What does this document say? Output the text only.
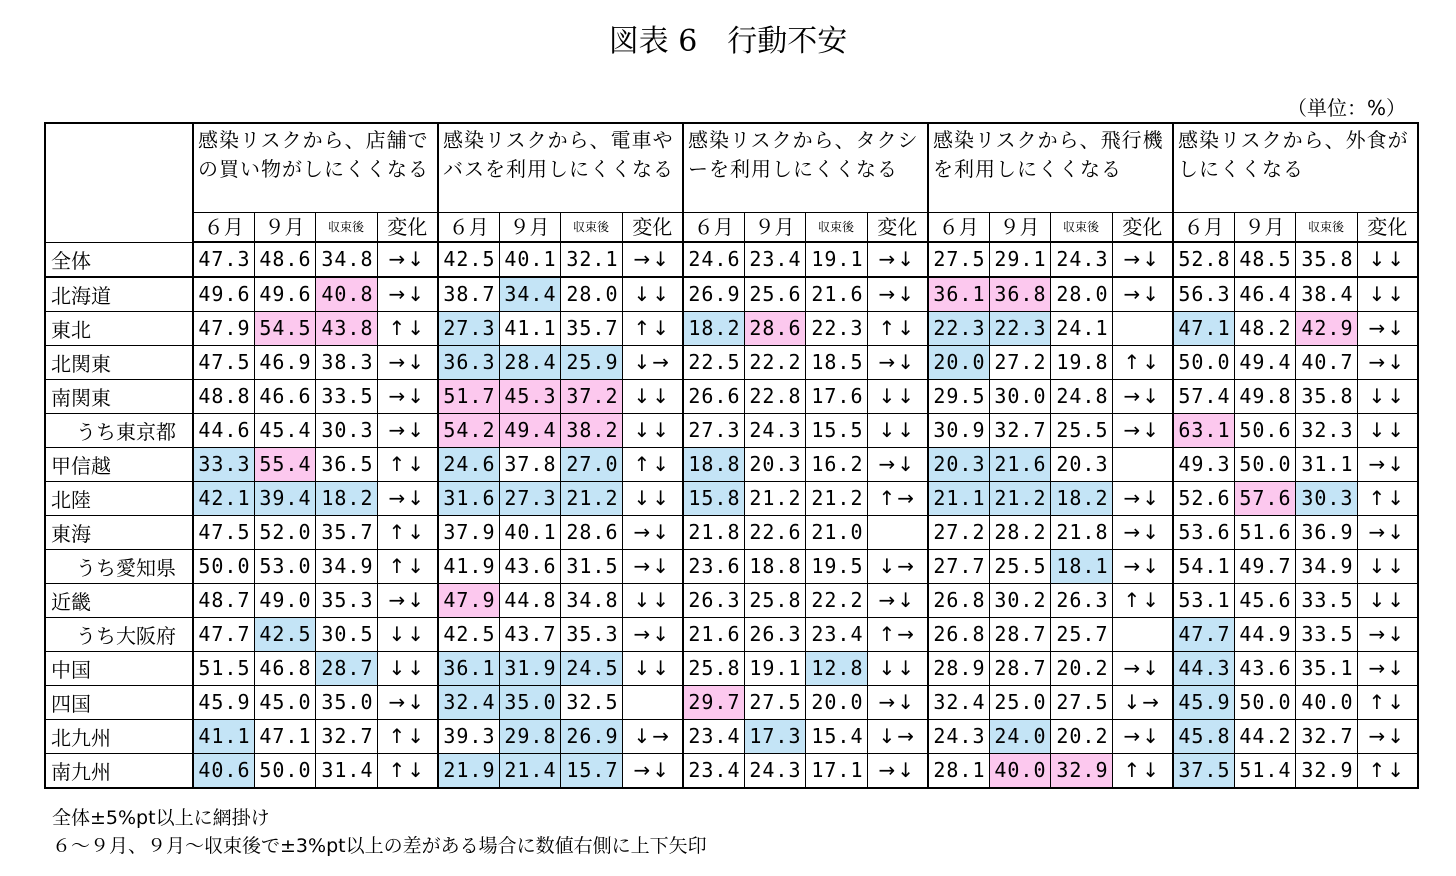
図表 6　行動不安
（単位：%）
	感染リスクから、店舗での買い物がしにくくなる				感染リスクから、電車やバスを利用しにくくなる				感染リスクから、タクシーを利用しにくくなる				感染リスクから、飛行機を利用しにくくなる				感染リスクから、外食がしにくくなる			
	６月	９月	収束後	変化	６月	９月	収束後	変化	６月	９月	収束後	変化	６月	９月	収束後	変化	６月	９月	収束後	変化
全体	47.3	48.6	34.8	→↓	42.5	40.1	32.1	→↓	24.6	23.4	19.1	→↓	27.5	29.1	24.3	→↓	52.8	48.5	35.8	↓↓
北海道	49.6	49.6	40.8	→↓	38.7	34.4	28.0	↓↓	26.9	25.6	21.6	→↓	36.1	36.8	28.0	→↓	56.3	46.4	38.4	↓↓
東北	47.9	54.5	43.8	↑↓	27.3	41.1	35.7	↑↓	18.2	28.6	22.3	↑↓	22.3	22.3	24.1		47.1	48.2	42.9	→↓
北関東	47.5	46.9	38.3	→↓	36.3	28.4	25.9	↓→	22.5	22.2	18.5	→↓	20.0	27.2	19.8	↑↓	50.0	49.4	40.7	→↓
南関東	48.8	46.6	33.5	→↓	51.7	45.3	37.2	↓↓	26.6	22.8	17.6	↓↓	29.5	30.0	24.8	→↓	57.4	49.8	35.8	↓↓
うち東京都	44.6	45.4	30.3	→↓	54.2	49.4	38.2	↓↓	27.3	24.3	15.5	↓↓	30.9	32.7	25.5	→↓	63.1	50.6	32.3	↓↓
甲信越	33.3	55.4	36.5	↑↓	24.6	37.8	27.0	↑↓	18.8	20.3	16.2	→↓	20.3	21.6	20.3		49.3	50.0	31.1	→↓
北陸	42.1	39.4	18.2	→↓	31.6	27.3	21.2	↓↓	15.8	21.2	21.2	↑→	21.1	21.2	18.2	→↓	52.6	57.6	30.3	↑↓
東海	47.5	52.0	35.7	↑↓	37.9	40.1	28.6	→↓	21.8	22.6	21.0		27.2	28.2	21.8	→↓	53.6	51.6	36.9	→↓
うち愛知県	50.0	53.0	34.9	↑↓	41.9	43.6	31.5	→↓	23.6	18.8	19.5	↓→	27.7	25.5	18.1	→↓	54.1	49.7	34.9	↓↓
近畿	48.7	49.0	35.3	→↓	47.9	44.8	34.8	↓↓	26.3	25.8	22.2	→↓	26.8	30.2	26.3	↑↓	53.1	45.6	33.5	↓↓
うち大阪府	47.7	42.5	30.5	↓↓	42.5	43.7	35.3	→↓	21.6	26.3	23.4	↑→	26.8	28.7	25.7		47.7	44.9	33.5	→↓
中国	51.5	46.8	28.7	↓↓	36.1	31.9	24.5	↓↓	25.8	19.1	12.8	↓↓	28.9	28.7	20.2	→↓	44.3	43.6	35.1	→↓
四国	45.9	45.0	35.0	→↓	32.4	35.0	32.5		29.7	27.5	20.0	→↓	32.4	25.0	27.5	↓→	45.9	50.0	40.0	↑↓
北九州	41.1	47.1	32.7	↑↓	39.3	29.8	26.9	↓→	23.4	17.3	15.4	↓→	24.3	24.0	20.2	→↓	45.8	44.2	32.7	→↓
南九州	40.6	50.0	31.4	↑↓	21.9	21.4	15.7	→↓	23.4	24.3	17.1	→↓	28.1	40.0	32.9	↑↓	37.5	51.4	32.9	↑↓
全体±5%pt以上に網掛け
６～９月、９月～収束後で±3%pt以上の差がある場合に数値右側に上下矢印
